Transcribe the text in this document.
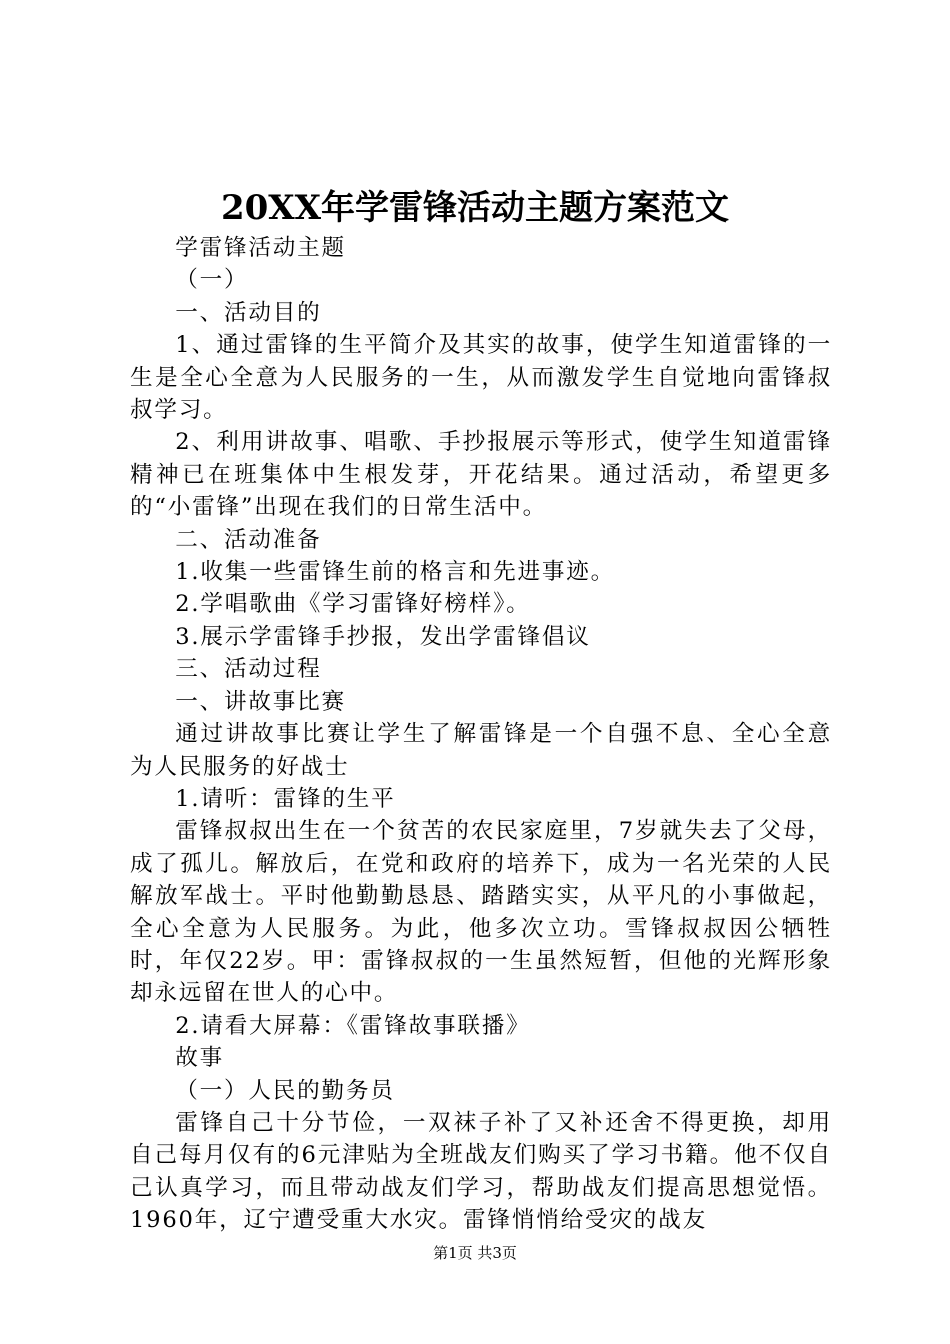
20XX年学雷锋活动主题方案范文

学雷锋活动主题

（一）

一、活动目的

1、通过雷锋的生平简介及其实的故事，使学生知道雷锋的一生是全心全意为人民服务的一生，从而激发学生自觉地向雷锋叔叔学习。

2、利用讲故事、唱歌、手抄报展示等形式，使学生知道雷锋精神已在班集体中生根发芽，开花结果。通过活动，希望更多的“小雷锋”出现在我们的日常生活中。

二、活动准备

1.收集一些雷锋生前的格言和先进事迹。

2.学唱歌曲《学习雷锋好榜样》。

3.展示学雷锋手抄报，发出学雷锋倡议

三、活动过程

一、讲故事比赛

通过讲故事比赛让学生了解雷锋是一个自强不息、全心全意为人民服务的好战士

1.请听：雷锋的生平

雷锋叔叔出生在一个贫苦的农民家庭里，7岁就失去了父母，成了孤儿。解放后，在党和政府的培养下，成为一名光荣的人民解放军战士。平时他勤勤恳恳、踏踏实实，从平凡的小事做起，全心全意为人民服务。为此，他多次立功。雪锋叔叔因公牺牲时，年仅22岁。甲：雷锋叔叔的一生虽然短暂，但他的光辉形象却永远留在世人的心中。

2.请看大屏幕：《雷锋故事联播》

故事

（一）人民的勤务员

雷锋自己十分节俭，一双袜子补了又补还舍不得更换，却用自己每月仅有的6元津贴为全班战友们购买了学习书籍。他不仅自己认真学习，而且带动战友们学习，帮助战友们提高思想觉悟。1960年，辽宁遭受重大水灾。雷锋悄悄给受灾的战友

第1页 共3页
